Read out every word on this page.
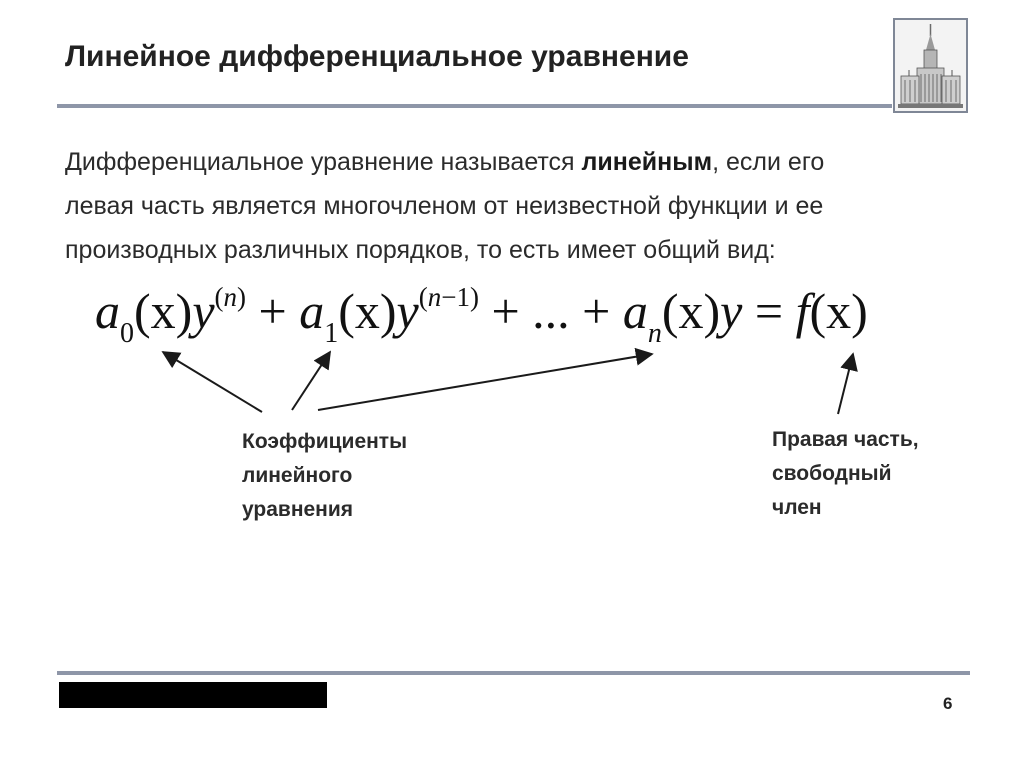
Линейное дифференциальное уравнение

Дифференциальное уравнение называется линейным, если его
левая часть является многочленом от неизвестной функции и ее
производных различных порядков, то есть имеет общий вид:

$a_0(x)y^{(n)} + a_1(x)y^{(n-1)}$ + ... + $a_n(x)y = f(x)$
Коэффициенты
линейного
уравнения
Правая часть,
свободный
член
6
